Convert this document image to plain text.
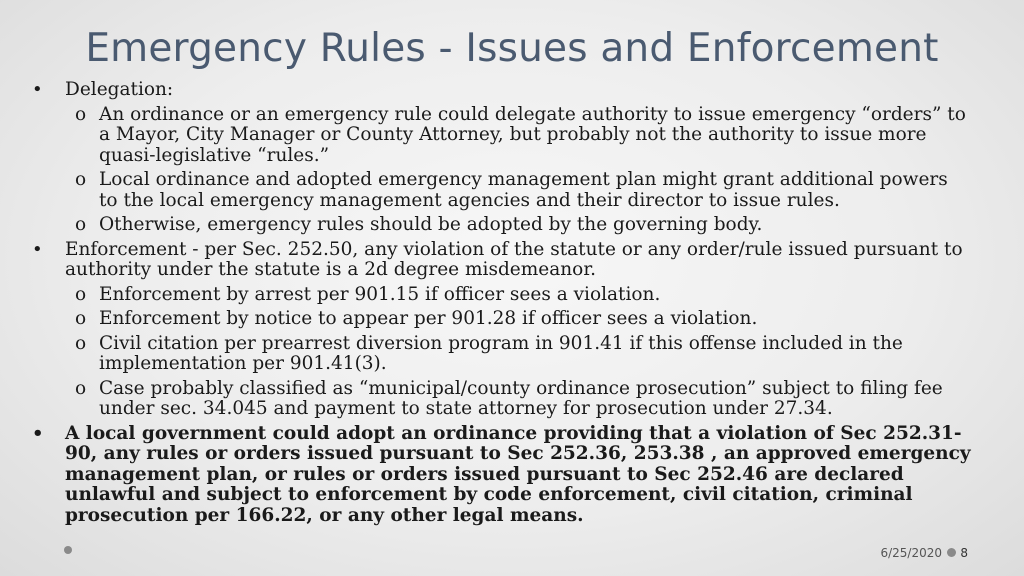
Emergency Rules - Issues and Enforcement
• Delegation:
o An ordinance or an emergency rule could delegate authority to issue emergency “orders” to a Mayor, City Manager or County Attorney, but probably not the authority to issue more quasi-legislative “rules.”
o Local ordinance and adopted emergency management plan might grant additional powers to the local emergency management agencies and their director to issue rules.
o Otherwise, emergency rules should be adopted by the governing body.
• Enforcement - per Sec. 252.50, any violation of the statute or any order/rule issued pursuant to authority under the statute is a 2d degree misdemeanor.
o Enforcement by arrest per 901.15 if officer sees a violation.
o Enforcement by notice to appear per 901.28 if officer sees a violation.
o Civil citation per prearrest diversion program in 901.41 if this offense included in the implementation per 901.41(3).
o Case probably classified as “municipal/county ordinance prosecution” subject to filing fee under sec. 34.045 and payment to state attorney for prosecution under 27.34.
• A local government could adopt an ordinance providing that a violation of Sec 252.31-90, any rules or orders issued pursuant to Sec 252.36, 253.38 , an approved emergency management plan, or rules or orders issued pursuant to Sec 252.46 are declared unlawful and subject to enforcement by code enforcement, civil citation, criminal prosecution per 166.22, or any other legal means.
6/25/2020 8
